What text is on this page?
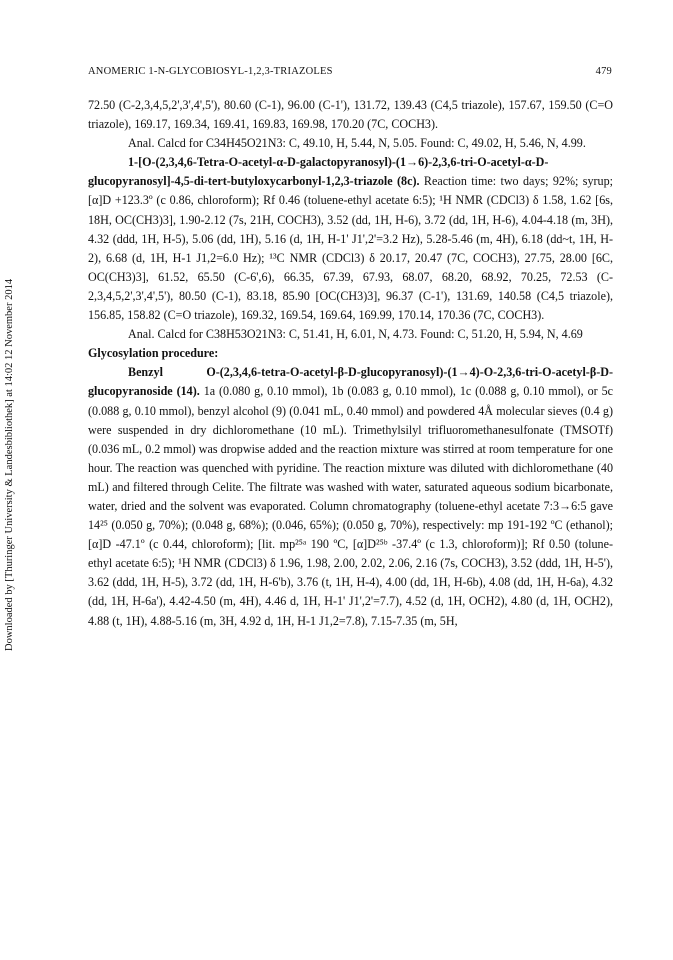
ANOMERIC 1-N-GLYCOBIOSYL-1,2,3-TRIAZOLES	479
Downloaded by [Thuringer University & Landesbibliothek] at 14:02 12 November 2014

72.50 (C-2,3,4,5,2',3',4',5'), 80.60 (C-1), 96.00 (C-1'), 131.72, 139.43 (C4,5 triazole), 157.67, 159.50 (C=O triazole), 169.17, 169.34, 169.41, 169.83, 169.98, 170.20 (7C, COCH3).

Anal. Calcd for C34H45O21N3: C, 49.10, H, 5.44, N, 5.05. Found: C, 49.02, H, 5.46, N, 4.99.

1-[O-(2,3,4,6-Tetra-O-acetyl-α-D-galactopyranosyl)-(1→6)-2,3,6-tri-O-acetyl-α-D-glucopyranosyl]-4,5-di-tert-butyloxycarbonyl-1,2,3-triazole (8c). Reaction time: two days; 92%; syrup; [α]D +123.3º (c 0.86, chloroform); Rf 0.46 (toluene-ethyl acetate 6:5); ¹H NMR (CDCl3) δ 1.58, 1.62 [6s, 18H, OC(CH3)3], 1.90-2.12 (7s, 21H, COCH3), 3.52 (dd, 1H, H-6), 3.72 (dd, 1H, H-6), 4.04-4.18 (m, 3H), 4.32 (ddd, 1H, H-5), 5.06 (dd, 1H), 5.16 (d, 1H, H-1' J1',2'=3.2 Hz), 5.28-5.46 (m, 4H), 6.18 (dd~t, 1H, H-2), 6.68 (d, 1H, H-1 J1,2=6.0 Hz); ¹³C NMR (CDCl3) δ 20.17, 20.47 (7C, COCH3), 27.75, 28.00 [6C, OC(CH3)3], 61.52, 65.50 (C-6',6), 66.35, 67.39, 67.93, 68.07, 68.20, 68.92, 70.25, 72.53 (C-2,3,4,5,2',3',4',5'), 80.50 (C-1), 83.18, 85.90 [OC(CH3)3], 96.37 (C-1'), 131.69, 140.58 (C4,5 triazole), 156.85, 158.82 (C=O triazole), 169.32, 169.54, 169.64, 169.99, 170.14, 170.36 (7C, COCH3).

Anal. Calcd for C38H53O21N3: C, 51.41, H, 6.01, N, 4.73. Found: C, 51.20, H, 5.94, N, 4.69

Glycosylation procedure:

Benzyl O-(2,3,4,6-tetra-O-acetyl-β-D-glucopyranosyl)-(1→4)-O-2,3,6-tri-O-acetyl-β-D-glucopyranoside (14). 1a (0.080 g, 0.10 mmol), 1b (0.083 g, 0.10 mmol), 1c (0.088 g, 0.10 mmol), or 5c (0.088 g, 0.10 mmol), benzyl alcohol (9) (0.041 mL, 0.40 mmol) and powdered 4Å molecular sieves (0.4 g) were suspended in dry dichloromethane (10 mL). Trimethylsilyl trifluoromethanesulfonate (TMSOTf) (0.036 mL, 0.2 mmol) was dropwise added and the reaction mixture was stirred at room temperature for one hour. The reaction was quenched with pyridine. The reaction mixture was diluted with dichloromethane (40 mL) and filtered through Celite. The filtrate was washed with water, saturated aqueous sodium bicarbonate, water, dried and the solvent was evaporated. Column chromatography (toluene-ethyl acetate 7:3→6:5 gave 14²⁵ (0.050 g, 70%); (0.048 g, 68%); (0.046, 65%); (0.050 g, 70%), respectively: mp 191-192 ºC (ethanol); [α]D -47.1º (c 0.44, chloroform); [lit. mp²⁵ᵃ 190 ºC, [α]D²⁵ᵇ -37.4º (c 1.3, chloroform)]; Rf 0.50 (tolune-ethyl acetate 6:5); ¹H NMR (CDCl3) δ 1.96, 1.98, 2.00, 2.02, 2.06, 2.16 (7s, COCH3), 3.52 (ddd, 1H, H-5'), 3.62 (ddd, 1H, H-5), 3.72 (dd, 1H, H-6'b), 3.76 (t, 1H, H-4), 4.00 (dd, 1H, H-6b), 4.08 (dd, 1H, H-6a), 4.32 (dd, 1H, H-6a'), 4.42-4.50 (m, 4H), 4.46 d, 1H, H-1' J1',2'=7.7), 4.52 (d, 1H, OCH2), 4.80 (d, 1H, OCH2), 4.88 (t, 1H), 4.88-5.16 (m, 3H, 4.92 d, 1H, H-1 J1,2=7.8), 7.15-7.35 (m, 5H,
